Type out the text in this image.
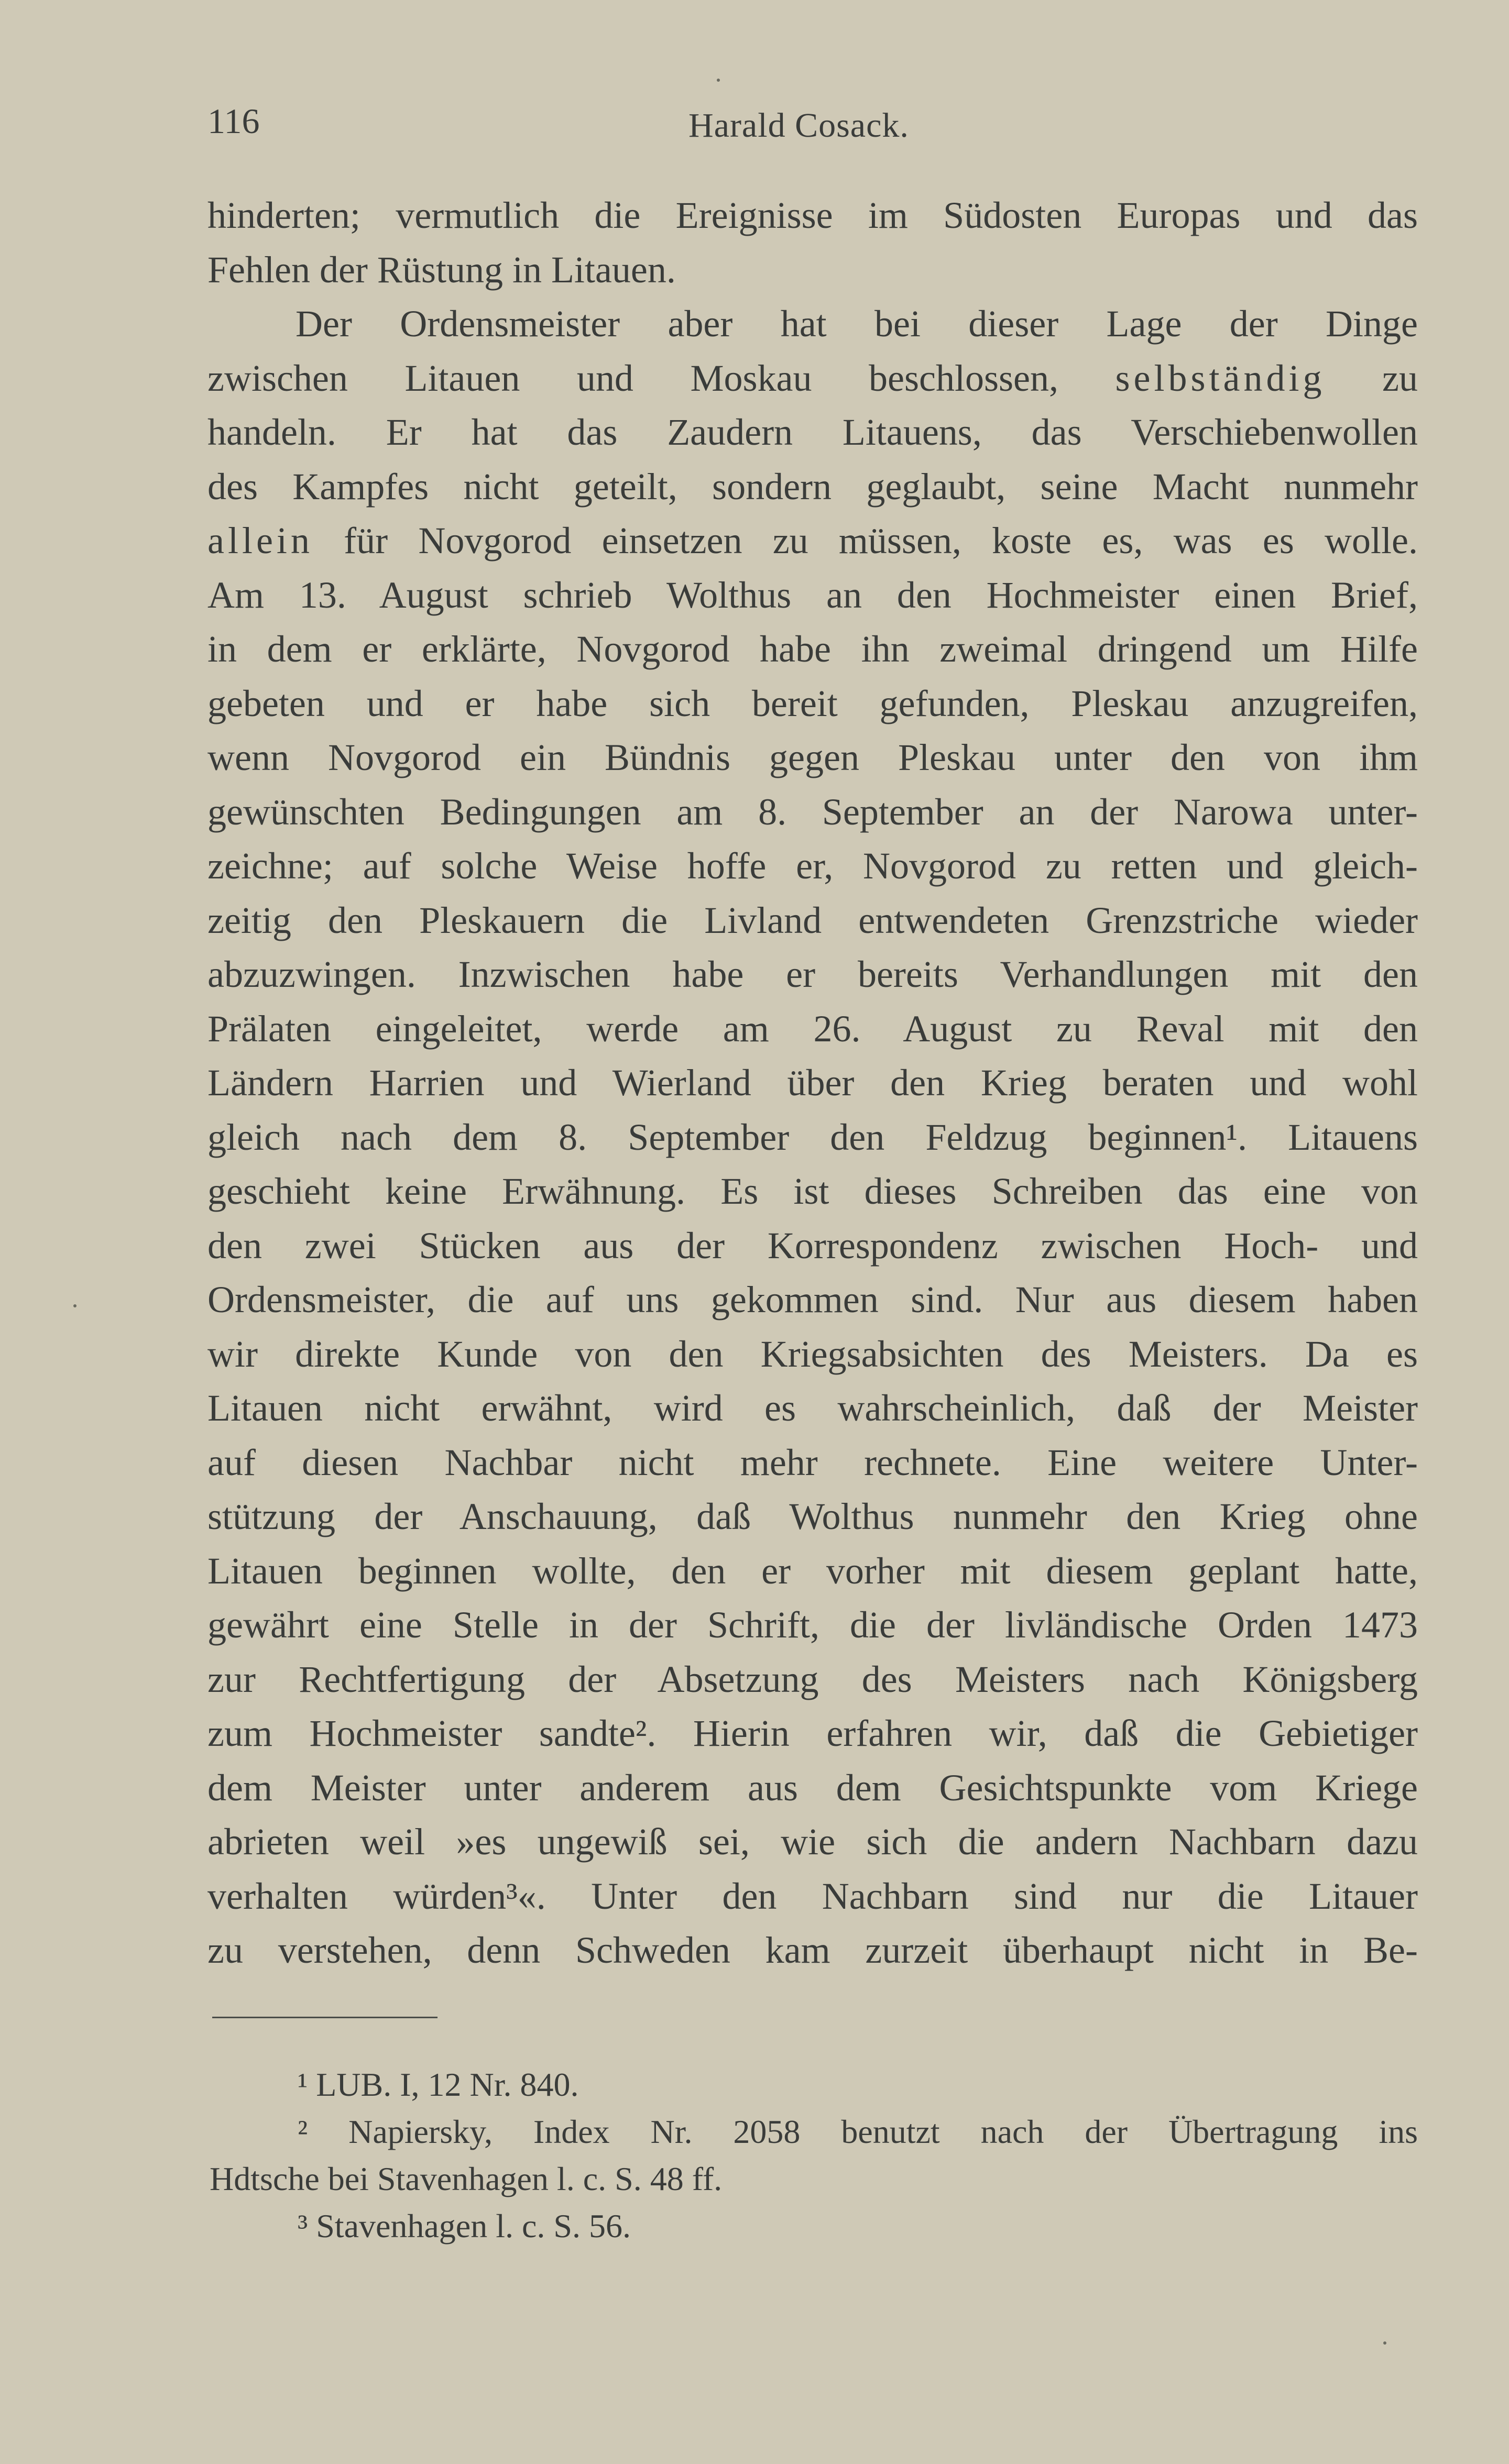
116	Harald Cosack.
hinderten; vermutlich die Ereignisse im Südosten Europas und das
Fehlen der Rüstung in Litauen.
Der Ordensmeister aber hat bei dieser Lage der Dinge
zwischen Litauen und Moskau beschlossen, selbständig zu
handeln. Er hat das Zaudern Litauens, das Verschiebenwollen
des Kampfes nicht geteilt, sondern geglaubt, seine Macht nunmehr
allein für Novgorod einsetzen zu müssen, koste es, was es wolle.
Am 13. August schrieb Wolthus an den Hochmeister einen Brief,
in dem er erklärte, Novgorod habe ihn zweimal dringend um Hilfe
gebeten und er habe sich bereit gefunden, Pleskau anzugreifen,
wenn Novgorod ein Bündnis gegen Pleskau unter den von ihm
gewünschten Bedingungen am 8. September an der Narowa unter-
zeichne; auf solche Weise hoffe er, Novgorod zu retten und gleich-
zeitig den Pleskauern die Livland entwendeten Grenzstriche wieder
abzuzwingen. Inzwischen habe er bereits Verhandlungen mit den
Prälaten eingeleitet, werde am 26. August zu Reval mit den
Ländern Harrien und Wierland über den Krieg beraten und wohl
gleich nach dem 8. September den Feldzug beginnen¹. Litauens
geschieht keine Erwähnung. Es ist dieses Schreiben das eine von
den zwei Stücken aus der Korrespondenz zwischen Hoch- und
Ordensmeister, die auf uns gekommen sind. Nur aus diesem haben
wir direkte Kunde von den Kriegsabsichten des Meisters. Da es
Litauen nicht erwähnt, wird es wahrscheinlich, daß der Meister
auf diesen Nachbar nicht mehr rechnete. Eine weitere Unter-
stützung der Anschauung, daß Wolthus nunmehr den Krieg ohne
Litauen beginnen wollte, den er vorher mit diesem geplant hatte,
gewährt eine Stelle in der Schrift, die der livländische Orden 1473
zur Rechtfertigung der Absetzung des Meisters nach Königsberg
zum Hochmeister sandte². Hierin erfahren wir, daß die Gebietiger
dem Meister unter anderem aus dem Gesichtspunkte vom Kriege
abrieten weil »es ungewiß sei, wie sich die andern Nachbarn dazu
verhalten würden³«. Unter den Nachbarn sind nur die Litauer
zu verstehen, denn Schweden kam zurzeit überhaupt nicht in Be-
¹ LUB. I, 12 Nr. 840.
² Napiersky, Index Nr. 2058 benutzt nach der Übertragung ins
Hdtsche bei Stavenhagen l. c. S. 48 ff.
³ Stavenhagen l. c. S. 56.
